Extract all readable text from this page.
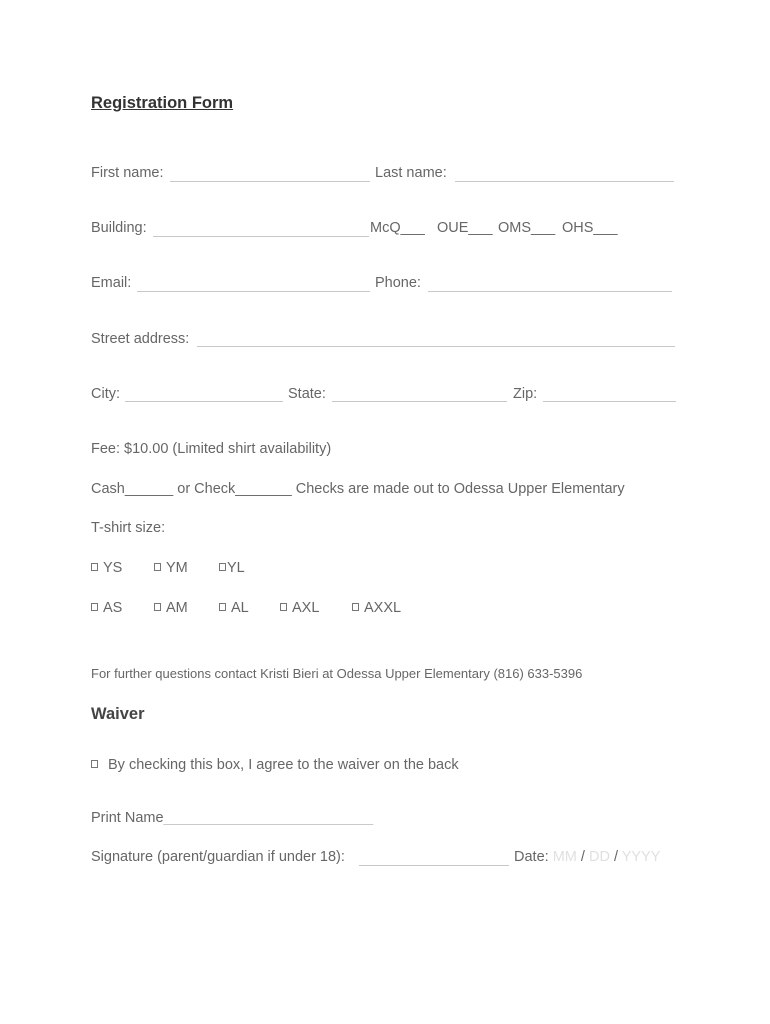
Registration Form
First name:	Last name:
Building:	McQ___ OUE___ OMS___ OHS___
Email:	Phone:
Street address:
City:	State:	Zip:
Fee: $10.00 (Limited shirt availability)
Cash______ or Check_______ Checks are made out to Odessa Upper Elementary
T-shirt size:
YS	YM	YL
AS	AM	AL	AXL	AXXL
For further questions contact Kristi Bieri at Odessa Upper Elementary (816) 633-5396
Waiver
By checking this box, I agree to the waiver on the back
Print Name__________________________
Signature (parent/guardian if under 18):	Date: MM / DD / YYYY
